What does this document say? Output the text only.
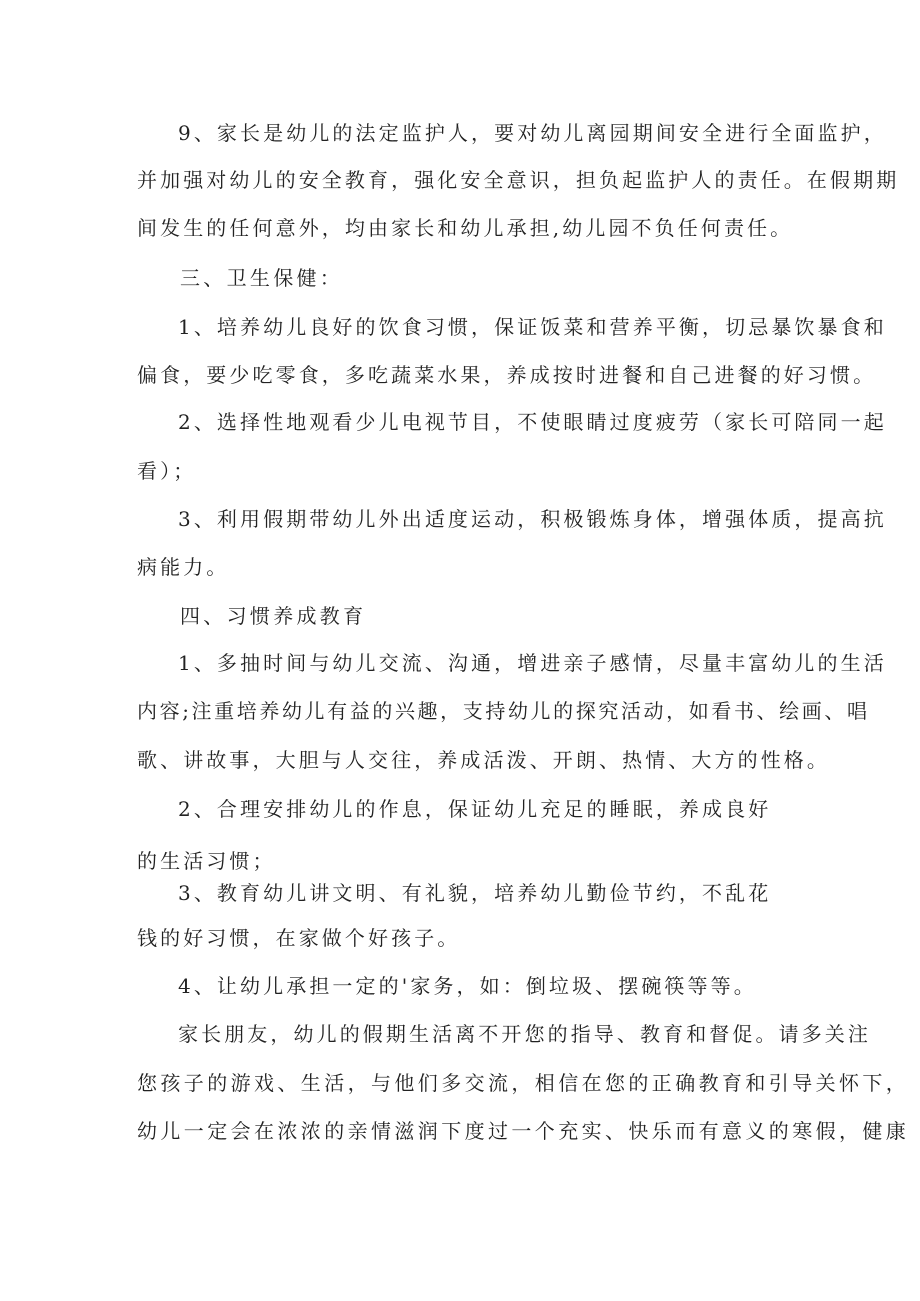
9、家长是幼儿的法定监护人，要对幼儿离园期间安全进行全面监护，
并加强对幼儿的安全教育，强化安全意识，担负起监护人的责任。在假期期
间发生的任何意外，均由家长和幼儿承担,幼儿园不负任何责任。
三、卫生保健：
1、培养幼儿良好的饮食习惯，保证饭菜和营养平衡，切忌暴饮暴食和
偏食，要少吃零食，多吃蔬菜水果，养成按时进餐和自己进餐的好习惯。
2、选择性地观看少儿电视节目，不使眼睛过度疲劳（家长可陪同一起
看）；
3、利用假期带幼儿外出适度运动，积极锻炼身体，增强体质，提高抗
病能力。
四、习惯养成教育
1、多抽时间与幼儿交流、沟通，增进亲子感情，尽量丰富幼儿的生活
内容;注重培养幼儿有益的兴趣，支持幼儿的探究活动，如看书、绘画、唱
歌、讲故事，大胆与人交往，养成活泼、开朗、热情、大方的性格。
2、合理安排幼儿的作息，保证幼儿充足的睡眠，养成良好
的生活习惯；
3、教育幼儿讲文明、有礼貌，培养幼儿勤俭节约，不乱花
钱的好习惯，在家做个好孩子。
4、让幼儿承担一定的'家务，如：倒垃圾、摆碗筷等等。
家长朋友，幼儿的假期生活离不开您的指导、教育和督促。请多关注
您孩子的游戏、生活，与他们多交流，相信在您的正确教育和引导关怀下，
幼儿一定会在浓浓的亲情滋润下度过一个充实、快乐而有意义的寒假，健康
